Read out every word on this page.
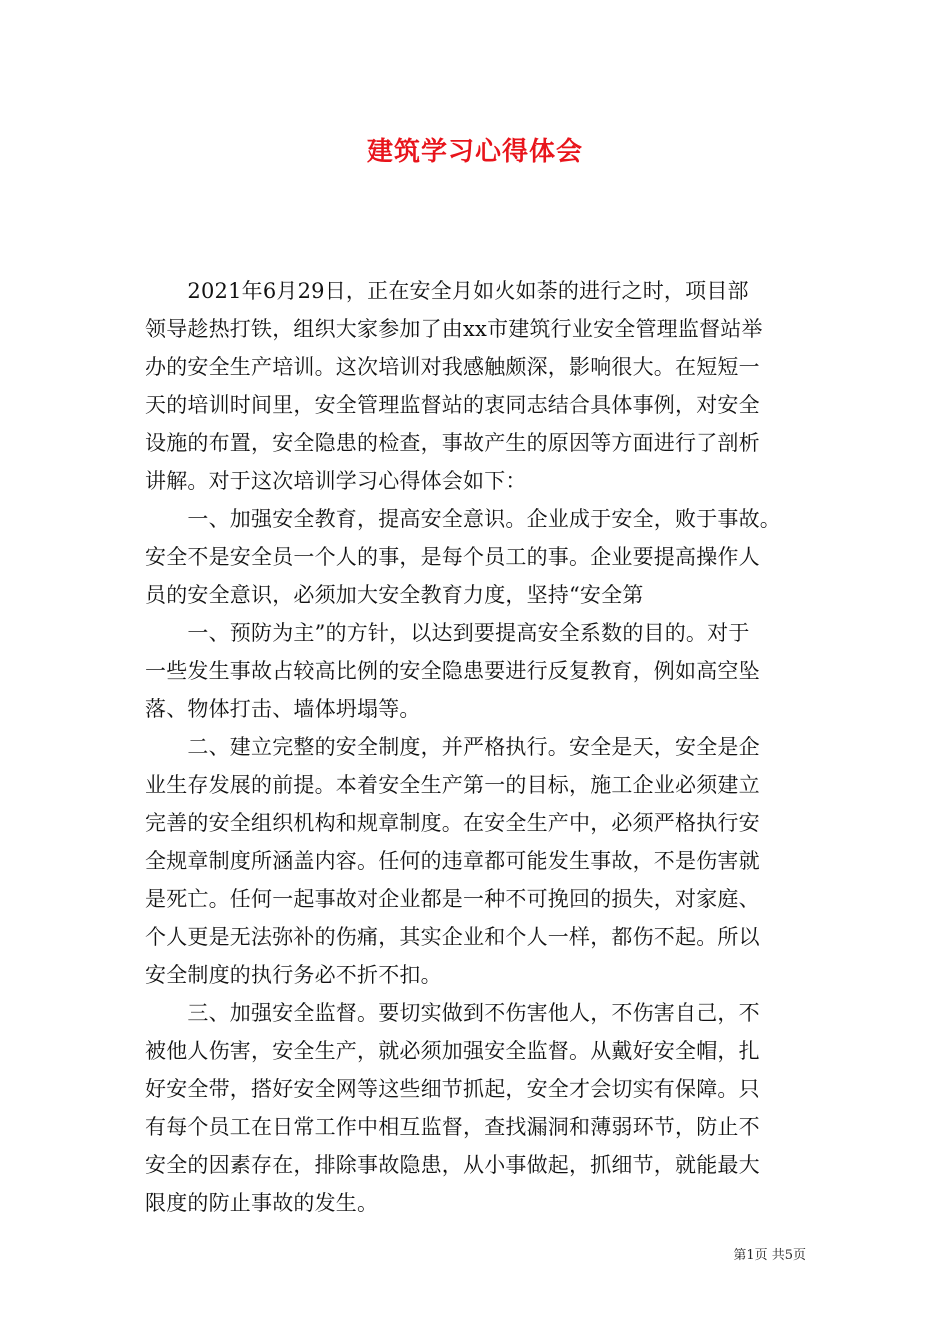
建筑学习心得体会
　　2021年6月29日，正在安全月如火如荼的进行之时，项目部
领导趁热打铁，组织大家参加了由xx市建筑行业安全管理监督站举
办的安全生产培训。这次培训对我感触颇深，影响很大。在短短一
天的培训时间里，安全管理监督站的衷同志结合具体事例，对安全
设施的布置，安全隐患的检查，事故产生的原因等方面进行了剖析
讲解。对于这次培训学习心得体会如下：
　　一、加强安全教育，提高安全意识。企业成于安全，败于事故。
安全不是安全员一个人的事，是每个员工的事。企业要提高操作人
员的安全意识，必须加大安全教育力度，坚持“安全第
　　一、预防为主”的方针，以达到要提高安全系数的目的。对于
一些发生事故占较高比例的安全隐患要进行反复教育，例如高空坠
落、物体打击、墙体坍塌等。
　　二、建立完整的安全制度，并严格执行。安全是天，安全是企
业生存发展的前提。本着安全生产第一的目标，施工企业必须建立
完善的安全组织机构和规章制度。在安全生产中，必须严格执行安
全规章制度所涵盖内容。任何的违章都可能发生事故，不是伤害就
是死亡。任何一起事故对企业都是一种不可挽回的损失，对家庭、
个人更是无法弥补的伤痛，其实企业和个人一样，都伤不起。所以
安全制度的执行务必不折不扣。
　　三、加强安全监督。要切实做到不伤害他人，不伤害自己，不
被他人伤害，安全生产，就必须加强安全监督。从戴好安全帽，扎
好安全带，搭好安全网等这些细节抓起，安全才会切实有保障。只
有每个员工在日常工作中相互监督，查找漏洞和薄弱环节，防止不
安全的因素存在，排除事故隐患，从小事做起，抓细节，就能最大
限度的防止事故的发生。
第1页 共5页
